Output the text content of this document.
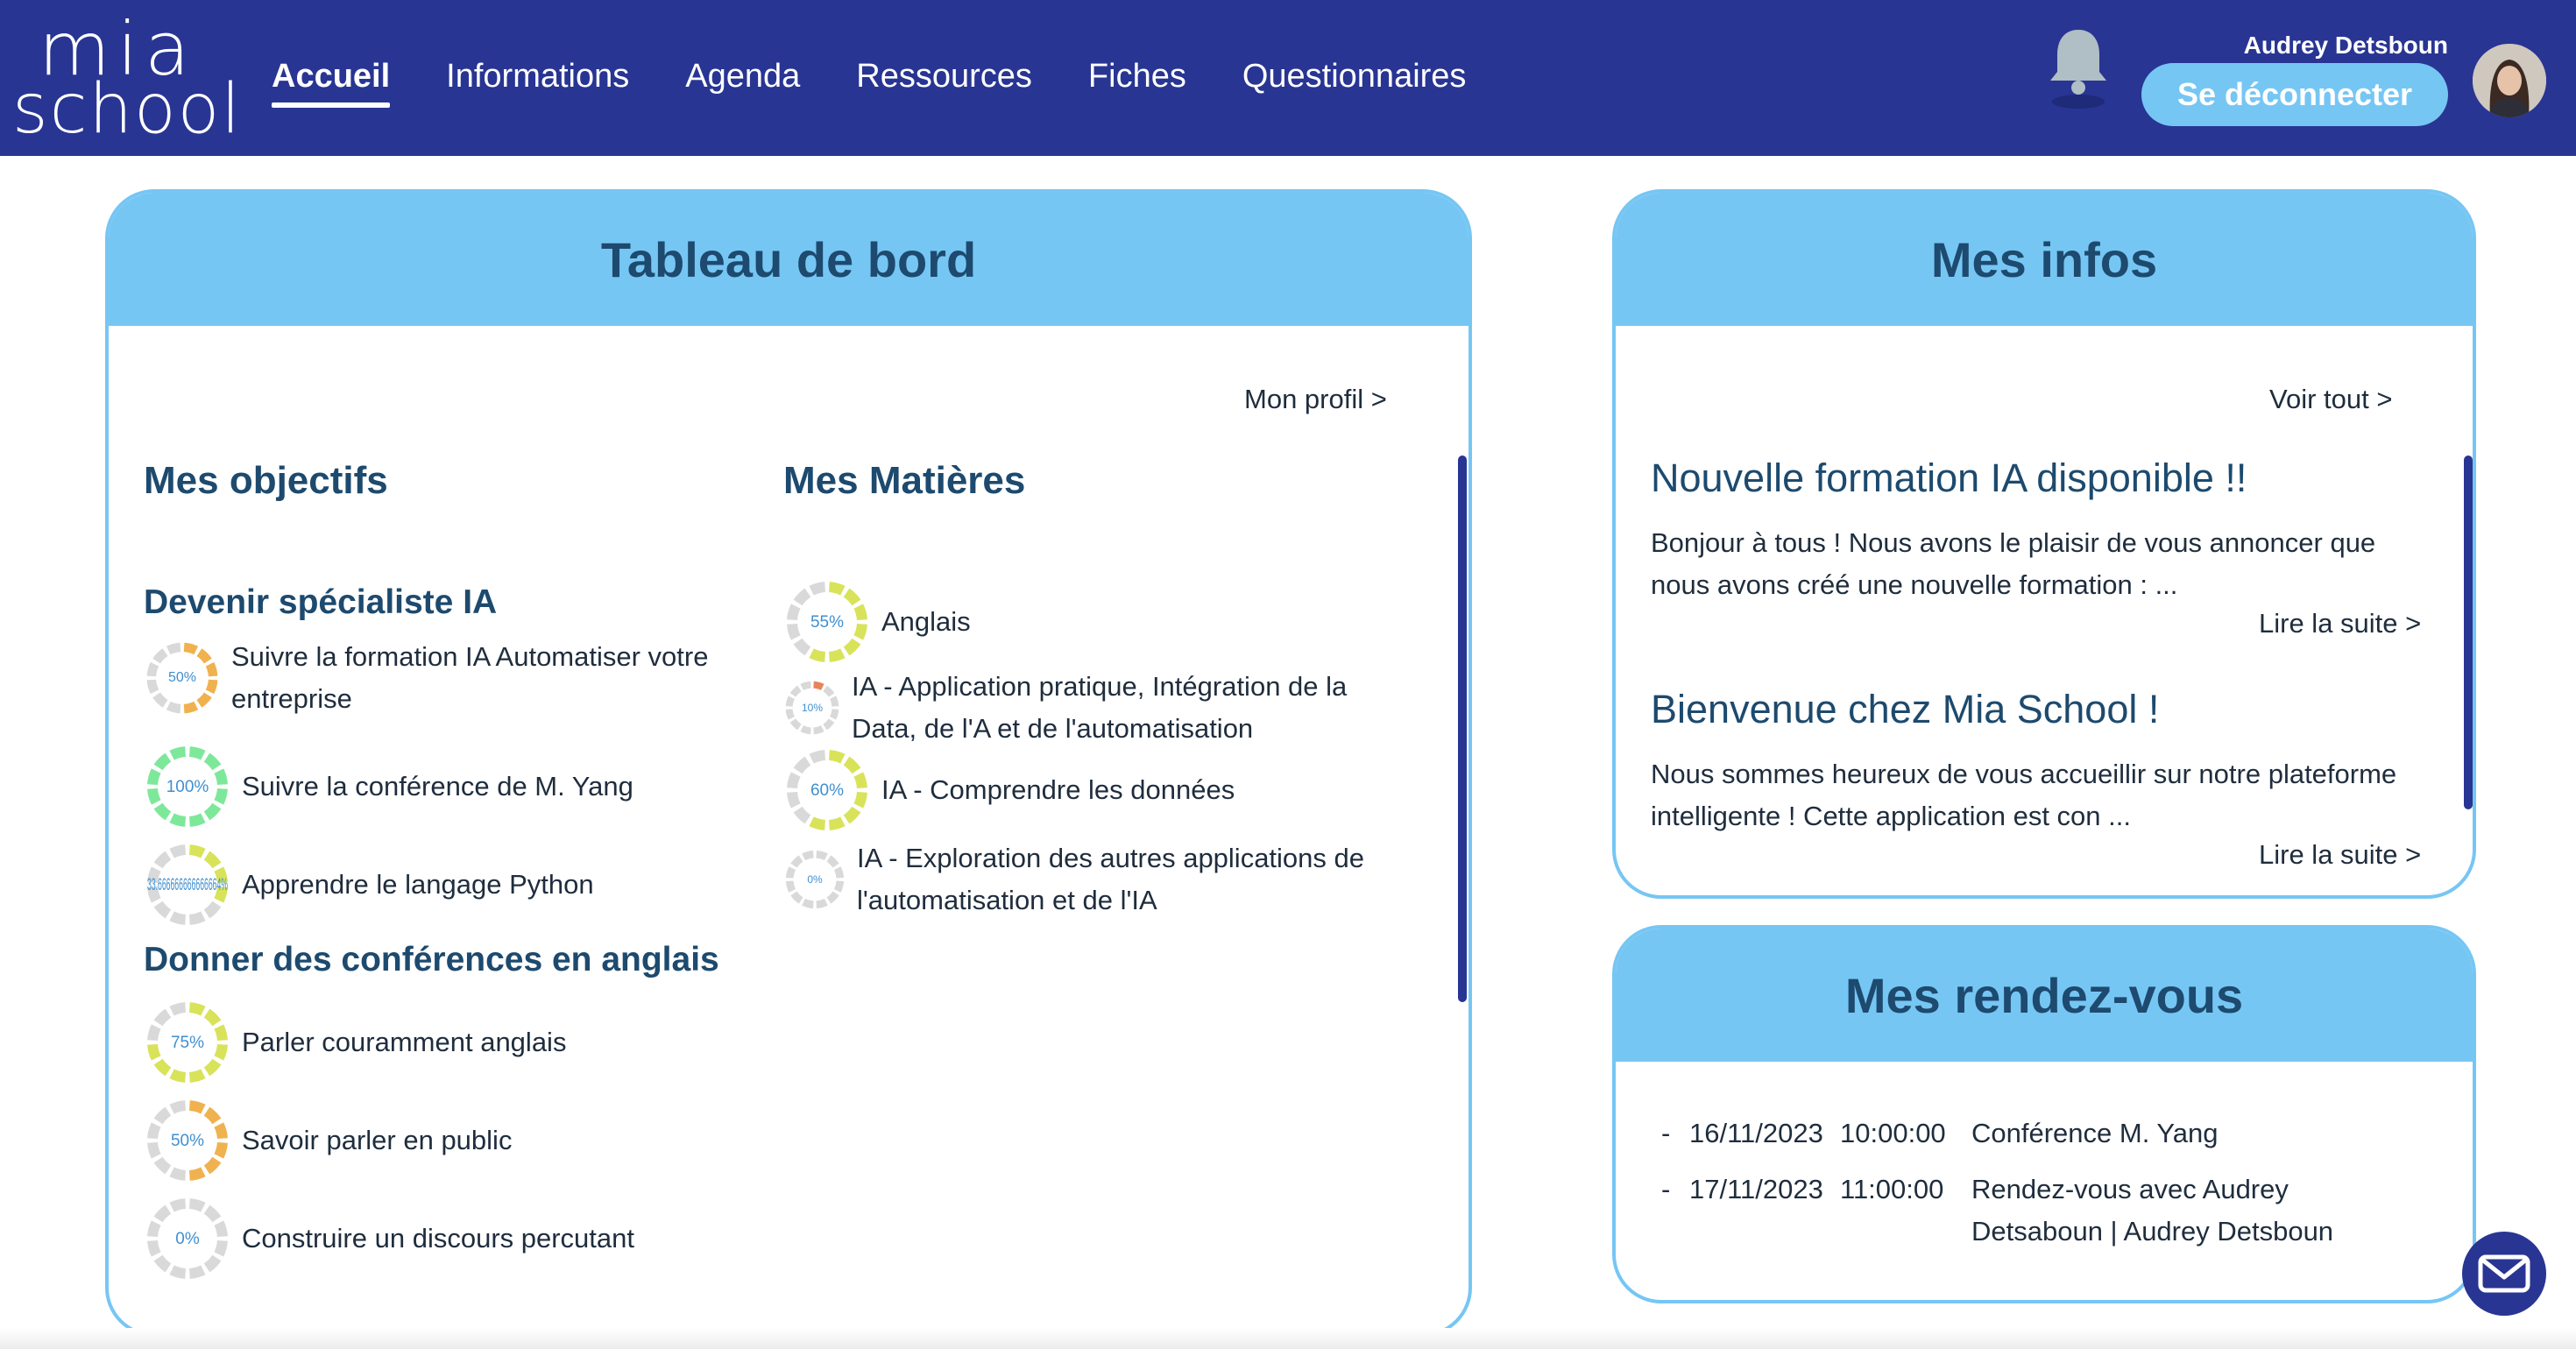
mia
school Accueil Informations Agenda Ressources Fiches Questionnaires
Audrey Detsboun
Se déconnecter
Tableau de bord
Mon profil >
Mes objectifs	Mes Matières
Devenir spécialiste IA
50%
Suivre la formation IA Automatiser votre entreprise
100% Suivre la conférence de M. Yang
33.666666666666664% Apprendre le langage Python
Donner des conférences en anglais
75% Parler couramment anglais
50% Savoir parler en public
0% Construire un discours percutant
55% Anglais
10%
IA - Application pratique, Intégration de la Data, de l'A et de l'automatisation
60% IA - Comprendre les données
0%
IA - Exploration des autres applications de l'automatisation et de l'IA
Mes infos
Voir tout >
Nouvelle formation IA disponible !!
Bonjour à tous ! Nous avons le plaisir de vous annoncer que nous avons créé une nouvelle formation : ...
Lire la suite >
Bienvenue chez Mia School !
Nous sommes heureux de vous accueillir sur notre plateforme intelligente ! Cette application est con ...
Lire la suite >
Mes rendez-vous
- 16/11/2023 10:00:00 Conférence M. Yang
- 17/11/2023 11:00:00	Rendez-vous avec Audrey Detsaboun | Audrey Detsboun
